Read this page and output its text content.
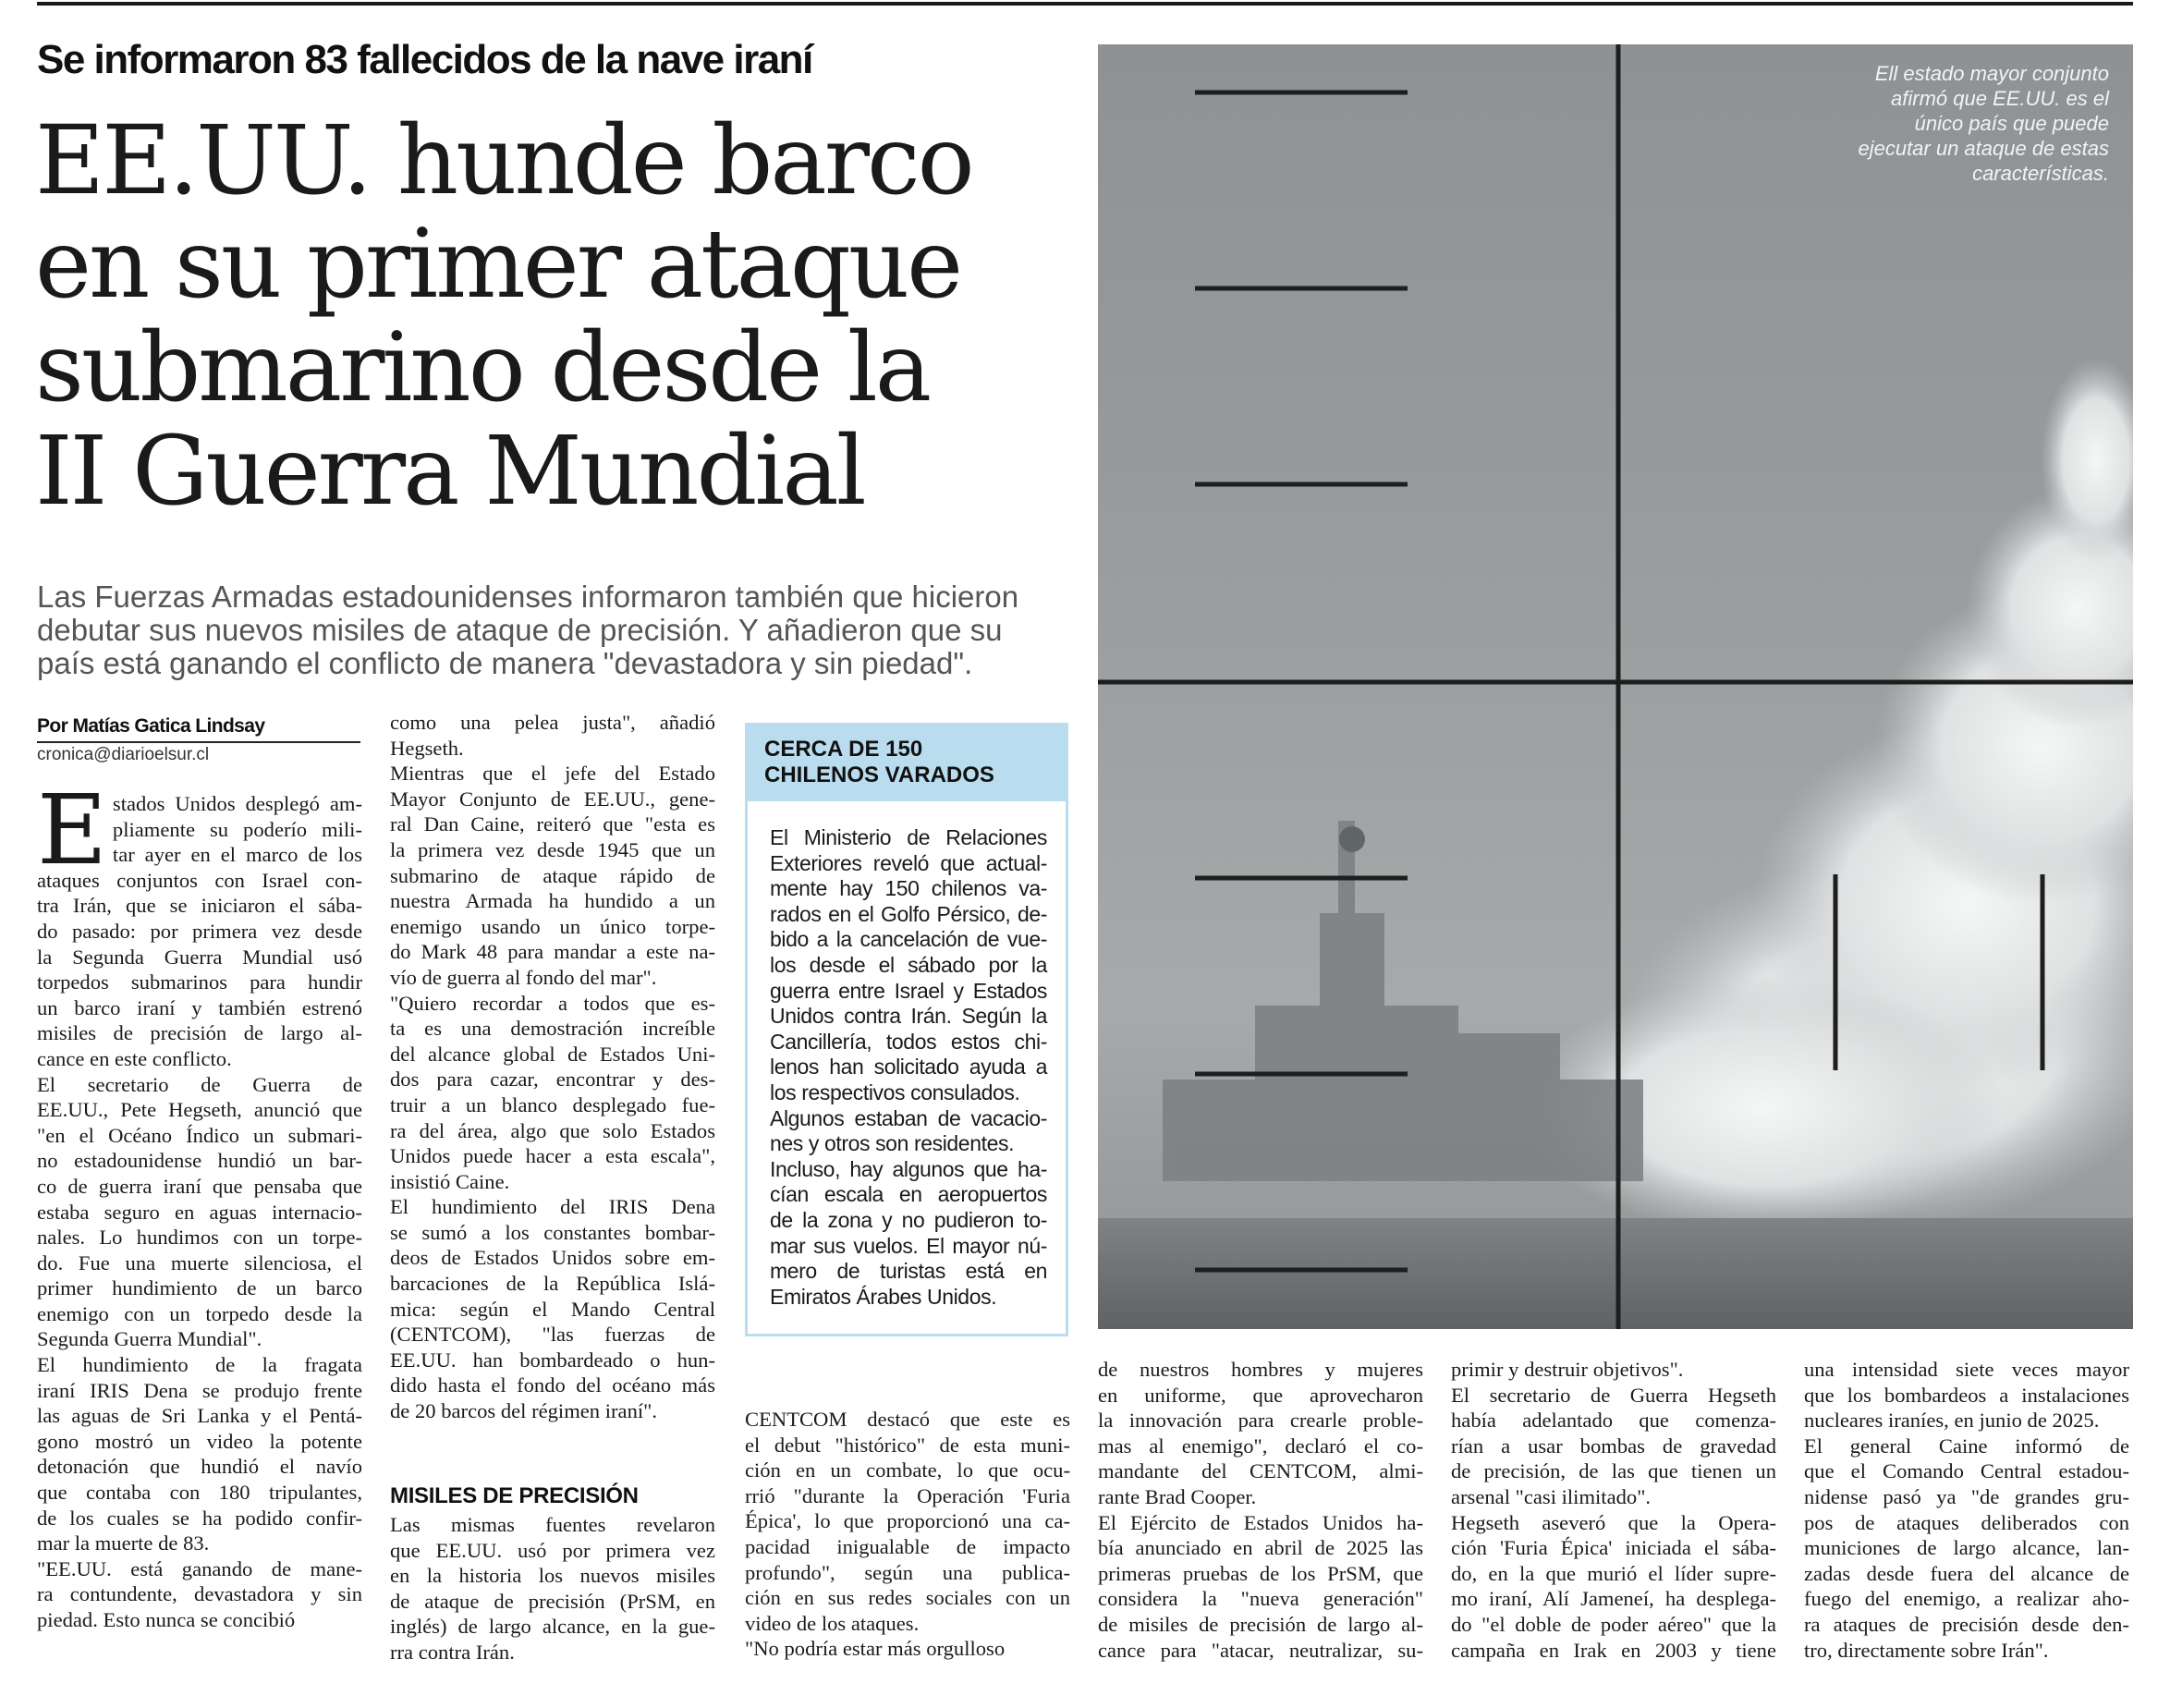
Se informaron 83 fallecidos de la nave iraní
EE.UU. hunde barco
en su primer ataque
submarino desde la
II Guerra Mundial
Las Fuerzas Armadas estadounidenses informaron también que hicieron
debutar sus nuevos misiles de ataque de precisión. Y añadieron que su
país está ganando el conflicto de manera "devastadora y sin piedad".
Por Matías Gatica Lindsay
cronica@diarioelsur.cl
E stados Unidos desplegó am-
pliamente su poderío mili-
tar ayer en el marco de los
ataques conjuntos con Israel con-
tra Irán, que se iniciaron el sába-
do pasado: por primera vez desde
la Segunda Guerra Mundial usó
torpedos submarinos para hundir
un barco iraní y también estrenó
misiles de precisión de largo al-
cance en este conflicto.
El secretario de Guerra de
EE.UU., Pete Hegseth, anunció que
"en el Océano Índico un submari-
no estadounidense hundió un bar-
co de guerra iraní que pensaba que
estaba seguro en aguas internacio-
nales. Lo hundimos con un torpe-
do. Fue una muerte silenciosa, el
primer hundimiento de un barco
enemigo con un torpedo desde la
Segunda Guerra Mundial".
El hundimiento de la fragata
iraní IRIS Dena se produjo frente
las aguas de Sri Lanka y el Pentá-
gono mostró un video la potente
detonación que hundió el navío
que contaba con 180 tripulantes,
de los cuales se ha podido confir-
mar la muerte de 83.
"EE.UU. está ganando de mane-
ra contundente, devastadora y sin
piedad. Esto nunca se concibió
como una pelea justa", añadió
Hegseth.
Mientras que el jefe del Estado
Mayor Conjunto de EE.UU., gene-
ral Dan Caine, reiteró que "esta es
la primera vez desde 1945 que un
submarino de ataque rápido de
nuestra Armada ha hundido a un
enemigo usando un único torpe-
do Mark 48 para mandar a este na-
vío de guerra al fondo del mar".
"Quiero recordar a todos que es-
ta es una demostración increíble
del alcance global de Estados Uni-
dos para cazar, encontrar y des-
truir a un blanco desplegado fue-
ra del área, algo que solo Estados
Unidos puede hacer a esta escala",
insistió Caine.
El hundimiento del IRIS Dena
se sumó a los constantes bombar-
deos de Estados Unidos sobre em-
barcaciones de la República Islá-
mica: según el Mando Central
(CENTCOM), "las fuerzas de
EE.UU. han bombardeado o hun-
dido hasta el fondo del océano más
de 20 barcos del régimen iraní".
MISILES DE PRECISIÓN
Las mismas fuentes revelaron
que EE.UU. usó por primera vez
en la historia los nuevos misiles
de ataque de precisión (PrSM, en
inglés) de largo alcance, en la gue-
rra contra Irán.
CERCA DE 150
CHILENOS VARADOS
El Ministerio de Relaciones
Exteriores reveló que actual-
mente hay 150 chilenos va-
rados en el Golfo Pérsico, de-
bido a la cancelación de vue-
los desde el sábado por la
guerra entre Israel y Estados
Unidos contra Irán. Según la
Cancillería, todos estos chi-
lenos han solicitado ayuda a
los respectivos consulados.
Algunos estaban de vacacio-
nes y otros son residentes.
Incluso, hay algunos que ha-
cían escala en aeropuertos
de la zona y no pudieron to-
mar sus vuelos. El mayor nú-
mero de turistas está en
Emiratos Árabes Unidos.
CENTCOM destacó que este es
el debut "histórico" de esta muni-
ción en un combate, lo que ocu-
rrió "durante la Operación 'Furia
Épica', lo que proporcionó una ca-
pacidad inigualable de impacto
profundo", según una publica-
ción en sus redes sociales con un
video de los ataques.
"No podría estar más orgulloso
de nuestros hombres y mujeres
en uniforme, que aprovecharon
la innovación para crearle proble-
mas al enemigo", declaró el co-
mandante del CENTCOM, almi-
rante Brad Cooper.
El Ejército de Estados Unidos ha-
bía anunciado en abril de 2025 las
primeras pruebas de los PrSM, que
considera la "nueva generación"
de misiles de precisión de largo al-
cance para "atacar, neutralizar, su-
primir y destruir objetivos".
El secretario de Guerra Hegseth
había adelantado que comenza-
rían a usar bombas de gravedad
de precisión, de las que tienen un
arsenal "casi ilimitado".
Hegseth aseveró que la Opera-
ción 'Furia Épica' iniciada el sába-
do, en la que murió el líder supre-
mo iraní, Alí Jameneí, ha desplega-
do "el doble de poder aéreo" que la
campaña en Irak en 2003 y tiene
una intensidad siete veces mayor
que los bombardeos a instalaciones
nucleares iraníes, en junio de 2025.
El general Caine informó de
que el Comando Central estadou-
nidense pasó ya "de grandes gru-
pos de ataques deliberados con
municiones de largo alcance, lan-
zadas desde fuera del alcance de
fuego del enemigo, a realizar aho-
ra ataques de precisión desde den-
tro, directamente sobre Irán".
Ell estado mayor conjunto
afirmó que EE.UU. es el
único país que puede
ejecutar un ataque de estas
características.
